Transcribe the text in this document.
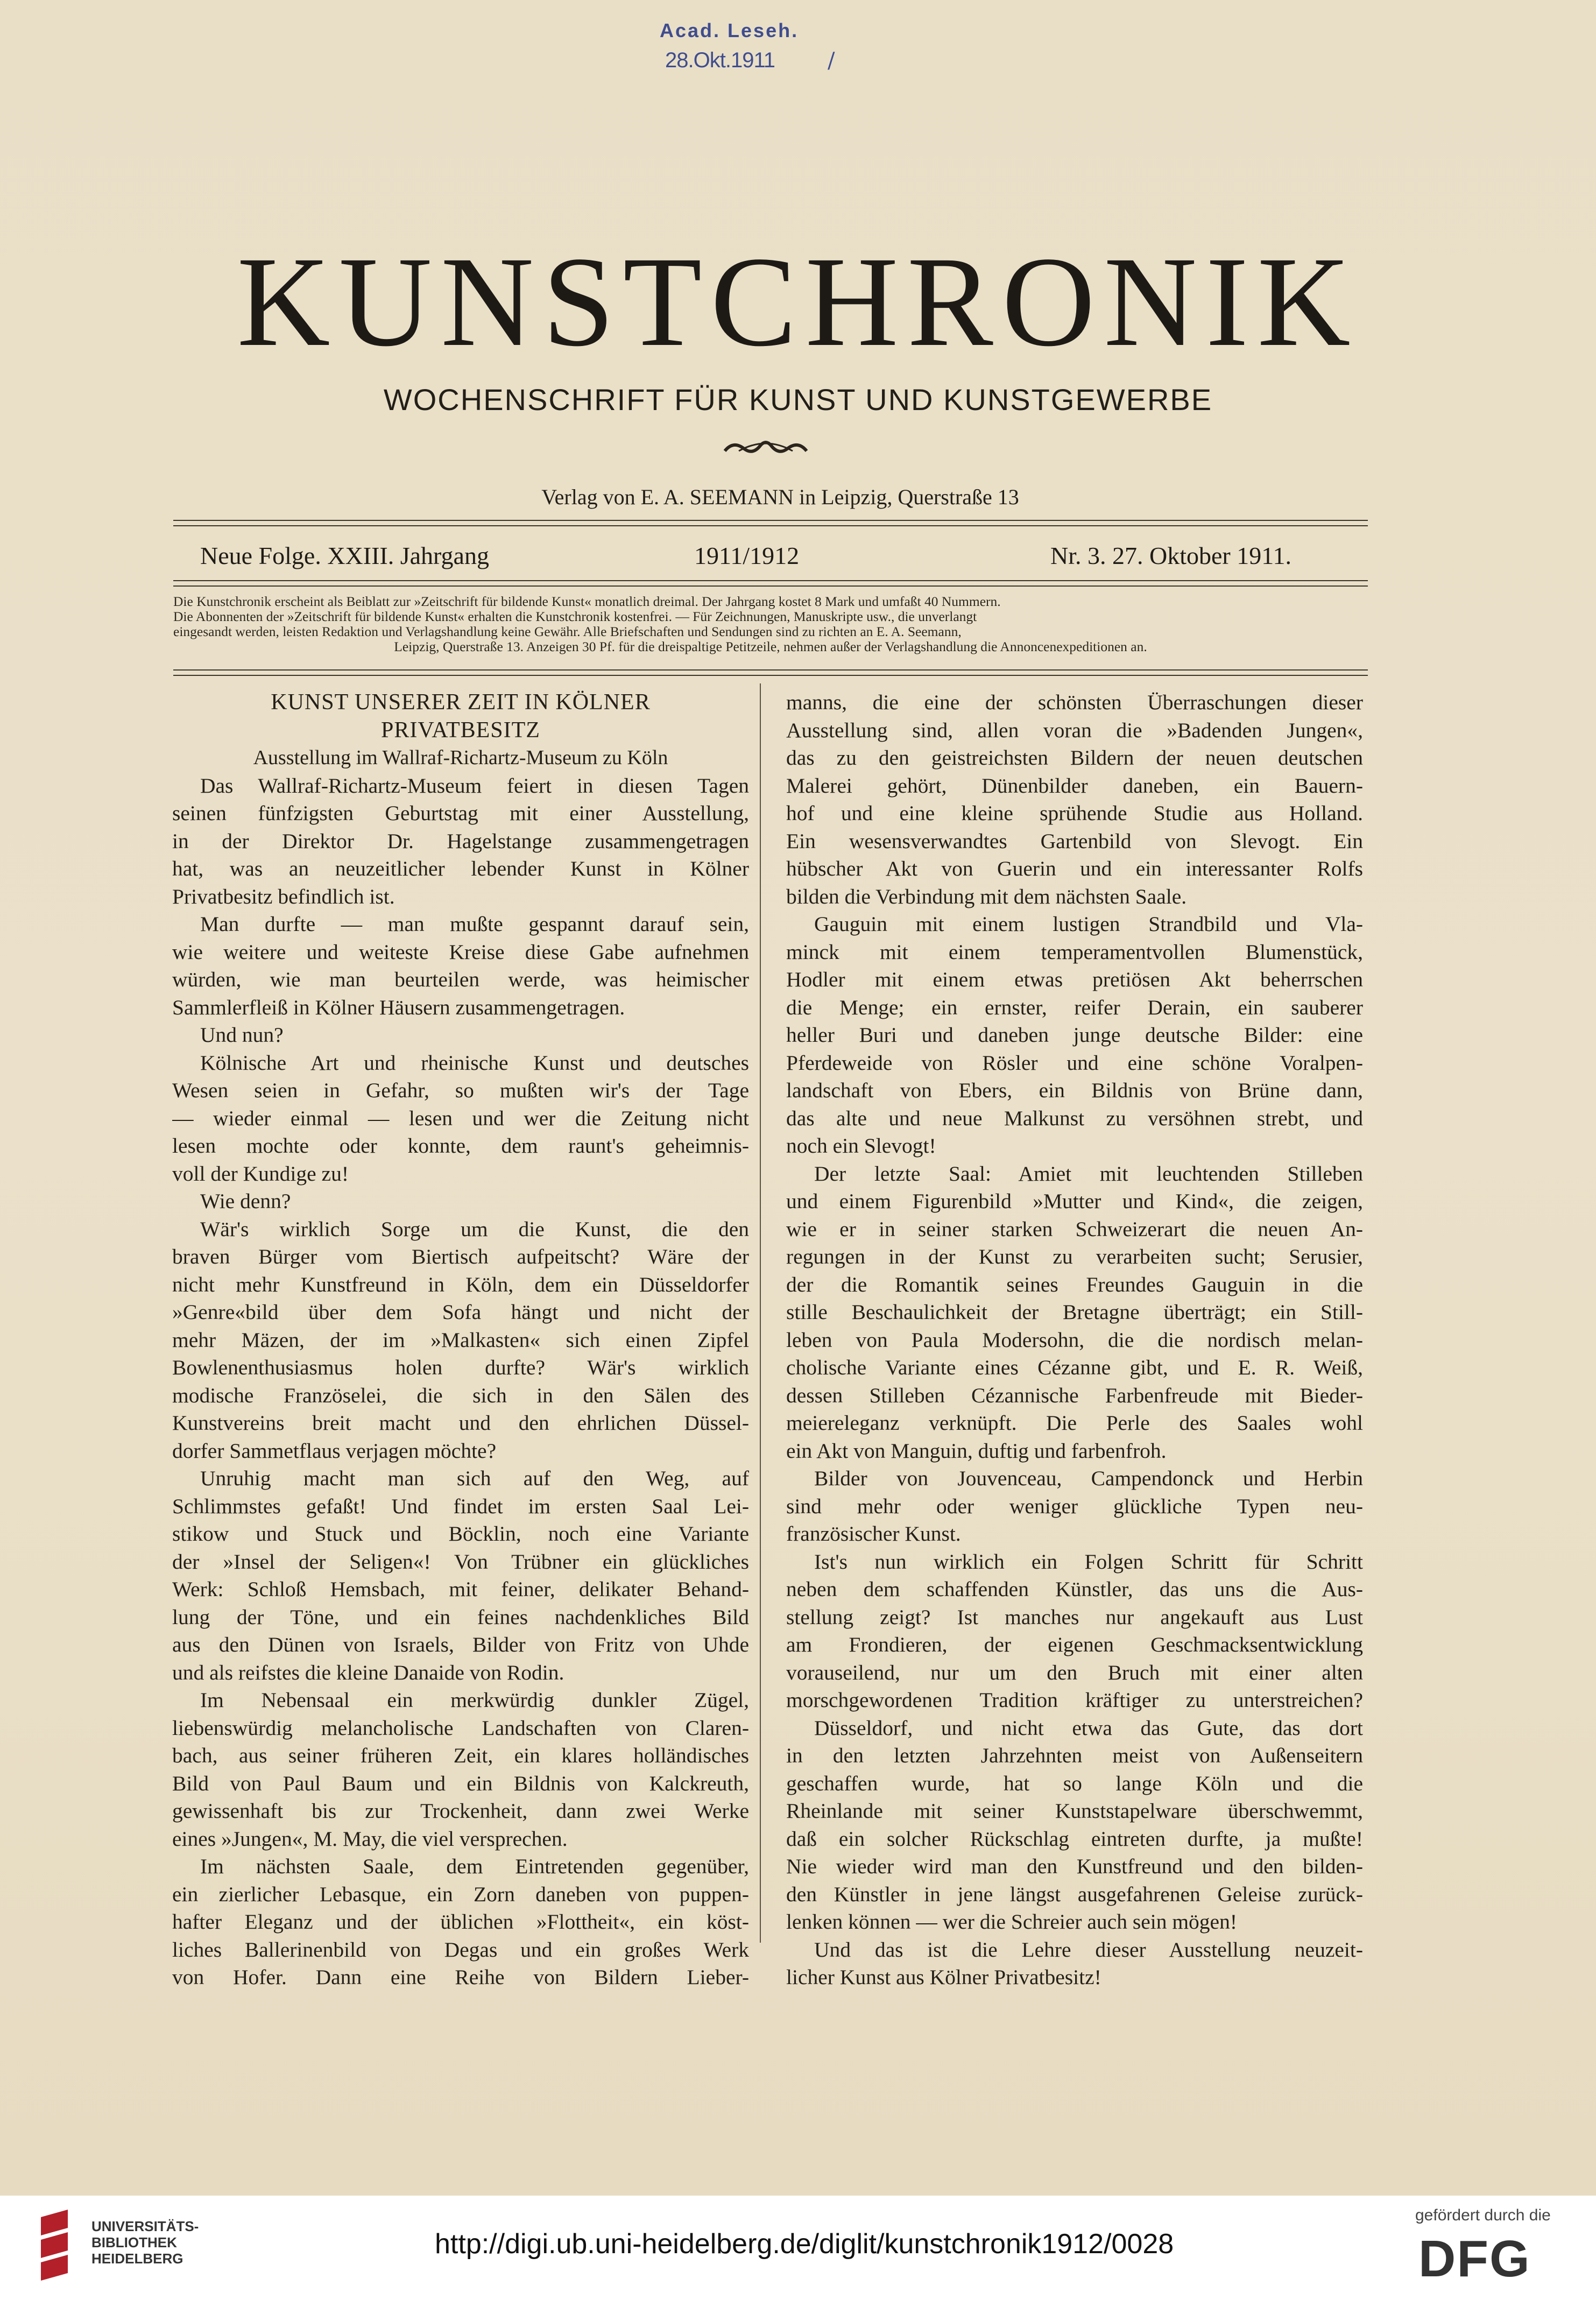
Acad. Leseh.
28.Okt.1911 /
KUNSTCHRONIK
WOCHENSCHRIFT FÜR KUNST UND KUNSTGEWERBE
Verlag von E. A. SEEMANN in Leipzig, Querstraße 13
Neue Folge. XXIII. Jahrgang	1911/1912	Nr. 3. 27. Oktober 1911.
Die Kunstchronik erscheint als Beiblatt zur »Zeitschrift für bildende Kunst« monatlich dreimal. Der Jahrgang kostet 8 Mark und umfaßt 40 Nummern.
Die Abonnenten der »Zeitschrift für bildende Kunst« erhalten die Kunstchronik kostenfrei. — Für Zeichnungen, Manuskripte usw., die unverlangt
eingesandt werden, leisten Redaktion und Verlagshandlung keine Gewähr. Alle Briefschaften und Sendungen sind zu richten an E. A. Seemann,
Leipzig, Querstraße 13. Anzeigen 30 Pf. für die dreispaltige Petitzeile, nehmen außer der Verlagshandlung die Annoncenexpeditionen an.
KUNST UNSERER ZEIT IN KÖLNER
PRIVATBESITZ
Ausstellung im Wallraf-Richartz-Museum zu Köln
Das Wallraf-Richartz-Museum feiert in diesen Tagen
seinen fünfzigsten Geburtstag mit einer Ausstellung,
in der Direktor Dr. Hagelstange zusammengetragen
hat, was an neuzeitlicher lebender Kunst in Kölner
Privatbesitz befindlich ist.
Man durfte — man mußte gespannt darauf sein,
wie weitere und weiteste Kreise diese Gabe aufnehmen
würden, wie man beurteilen werde, was heimischer
Sammlerfleiß in Kölner Häusern zusammengetragen.
Und nun?
Kölnische Art und rheinische Kunst und deutsches
Wesen seien in Gefahr, so mußten wir's der Tage
— wieder einmal — lesen und wer die Zeitung nicht
lesen mochte oder konnte, dem raunt's geheimnis-
voll der Kundige zu!
Wie denn?
Wär's wirklich Sorge um die Kunst, die den
braven Bürger vom Biertisch aufpeitscht? Wäre der
nicht mehr Kunstfreund in Köln, dem ein Düsseldorfer
»Genre«bild über dem Sofa hängt und nicht der
mehr Mäzen, der im »Malkasten« sich einen Zipfel
Bowlenenthusiasmus holen durfte? Wär's wirklich
modische Französelei, die sich in den Sälen des
Kunstvereins breit macht und den ehrlichen Düssel-
dorfer Sammetflaus verjagen möchte?
Unruhig macht man sich auf den Weg, auf
Schlimmstes gefaßt! Und findet im ersten Saal Lei-
stikow und Stuck und Böcklin, noch eine Variante
der »Insel der Seligen«! Von Trübner ein glückliches
Werk: Schloß Hemsbach, mit feiner, delikater Behand-
lung der Töne, und ein feines nachdenkliches Bild
aus den Dünen von Israels, Bilder von Fritz von Uhde
und als reifstes die kleine Danaide von Rodin.
Im Nebensaal ein merkwürdig dunkler Zügel,
liebenswürdig melancholische Landschaften von Claren-
bach, aus seiner früheren Zeit, ein klares holländisches
Bild von Paul Baum und ein Bildnis von Kalckreuth,
gewissenhaft bis zur Trockenheit, dann zwei Werke
eines »Jungen«, M. May, die viel versprechen.
Im nächsten Saale, dem Eintretenden gegenüber,
ein zierlicher Lebasque, ein Zorn daneben von puppen-
hafter Eleganz und der üblichen »Flottheit«, ein köst-
liches Ballerinenbild von Degas und ein großes Werk
von Hofer. Dann eine Reihe von Bildern Lieber-
manns, die eine der schönsten Überraschungen dieser
Ausstellung sind, allen voran die »Badenden Jungen«,
das zu den geistreichsten Bildern der neuen deutschen
Malerei gehört, Dünenbilder daneben, ein Bauern-
hof und eine kleine sprühende Studie aus Holland.
Ein wesensverwandtes Gartenbild von Slevogt. Ein
hübscher Akt von Guerin und ein interessanter Rolfs
bilden die Verbindung mit dem nächsten Saale.
Gauguin mit einem lustigen Strandbild und Vla-
minck mit einem temperamentvollen Blumenstück,
Hodler mit einem etwas pretiösen Akt beherrschen
die Menge; ein ernster, reifer Derain, ein sauberer
heller Buri und daneben junge deutsche Bilder: eine
Pferdeweide von Rösler und eine schöne Voralpen-
landschaft von Ebers, ein Bildnis von Brüne dann,
das alte und neue Malkunst zu versöhnen strebt, und
noch ein Slevogt!
Der letzte Saal: Amiet mit leuchtenden Stilleben
und einem Figurenbild »Mutter und Kind«, die zeigen,
wie er in seiner starken Schweizerart die neuen An-
regungen in der Kunst zu verarbeiten sucht; Serusier,
der die Romantik seines Freundes Gauguin in die
stille Beschaulichkeit der Bretagne überträgt; ein Still-
leben von Paula Modersohn, die die nordisch melan-
cholische Variante eines Cézanne gibt, und E. R. Weiß,
dessen Stilleben Cézannische Farbenfreude mit Bieder-
meiereleganz verknüpft. Die Perle des Saales wohl
ein Akt von Manguin, duftig und farbenfroh.
Bilder von Jouvenceau, Campendonck und Herbin
sind mehr oder weniger glückliche Typen neu-
französischer Kunst.
Ist's nun wirklich ein Folgen Schritt für Schritt
neben dem schaffenden Künstler, das uns die Aus-
stellung zeigt? Ist manches nur angekauft aus Lust
am Frondieren, der eigenen Geschmacksentwicklung
vorauseilend, nur um den Bruch mit einer alten
morschgewordenen Tradition kräftiger zu unterstreichen?
Düsseldorf, und nicht etwa das Gute, das dort
in den letzten Jahrzehnten meist von Außenseitern
geschaffen wurde, hat so lange Köln und die
Rheinlande mit seiner Kunststapelware überschwemmt,
daß ein solcher Rückschlag eintreten durfte, ja mußte!
Nie wieder wird man den Kunstfreund und den bilden-
den Künstler in jene längst ausgefahrenen Geleise zurück-
lenken können — wer die Schreier auch sein mögen!
Und das ist die Lehre dieser Ausstellung neuzeit-
licher Kunst aus Kölner Privatbesitz!
UNIVERSITÄTS-
BIBLIOTHEK
HEIDELBERG	http://digi.ub.uni-heidelberg.de/diglit/kunstchronik1912/0028
gefördert durch die
DFG
